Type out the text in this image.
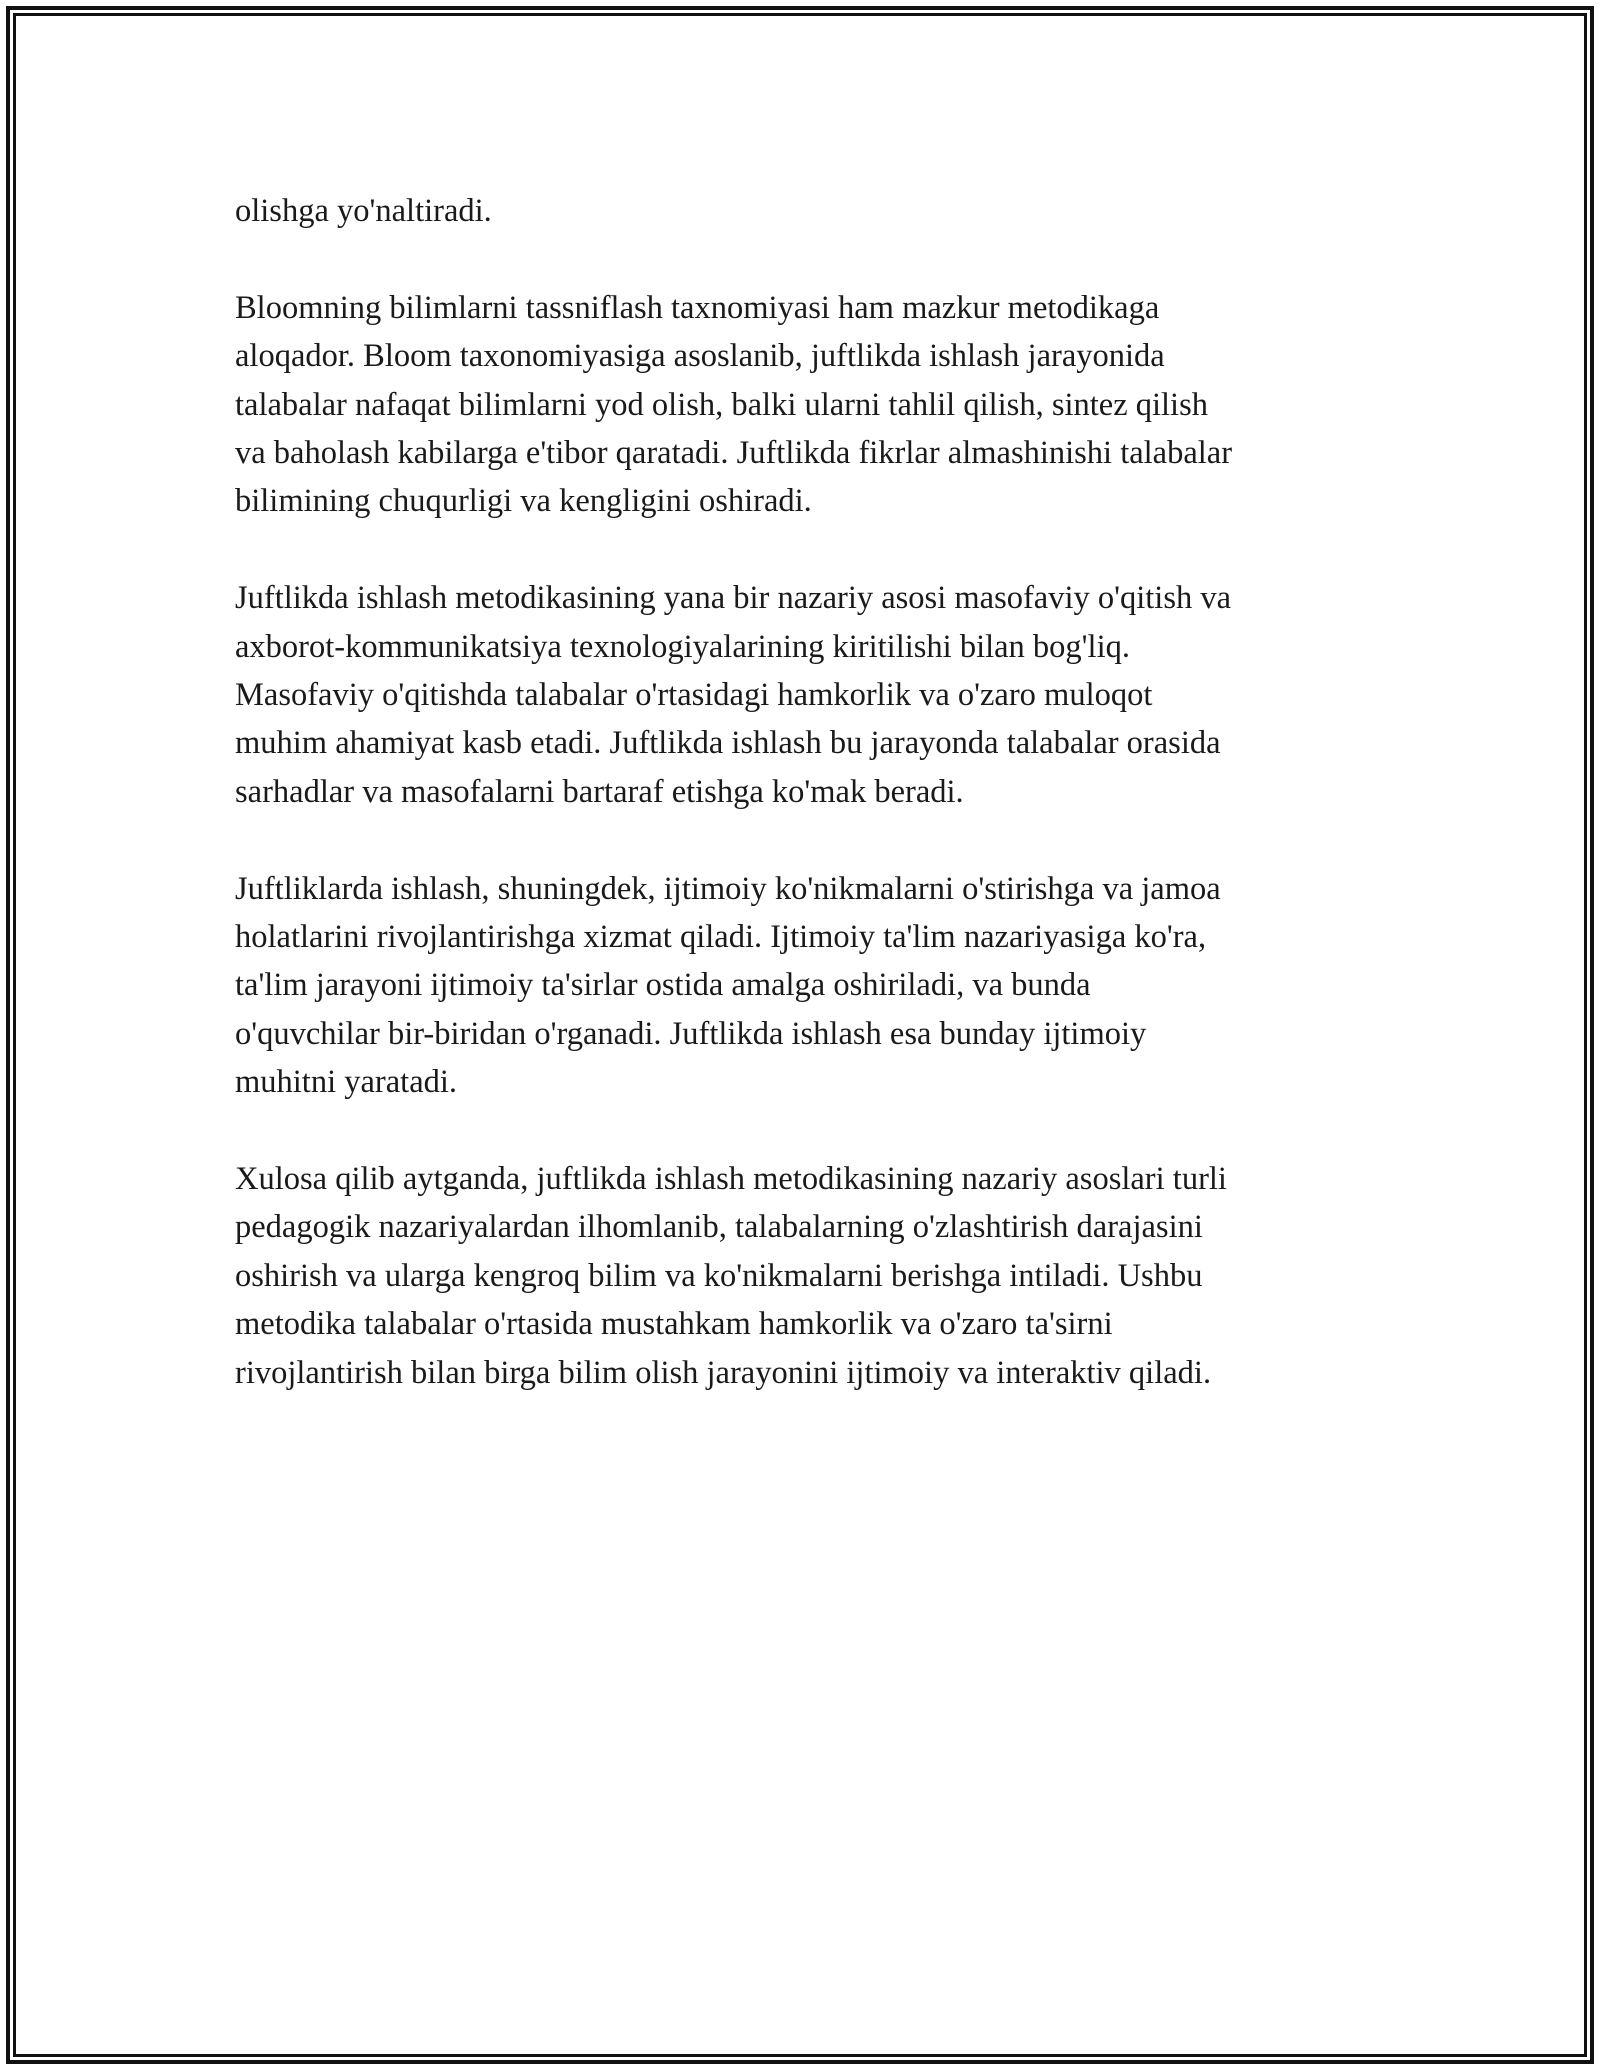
olishga yo'naltiradi.

Bloomning bilimlarni tassniflash taxnomiyasi ham mazkur metodikaga
aloqador. Bloom taxonomiyasiga asoslanib, juftlikda ishlash jarayonida
talabalar nafaqat bilimlarni yod olish, balki ularni tahlil qilish, sintez qilish
va baholash kabilarga e'tibor qaratadi. Juftlikda fikrlar almashinishi talabalar
bilimining chuqurligi va kengligini oshiradi.

Juftlikda ishlash metodikasining yana bir nazariy asosi masofaviy o'qitish va
axborot-kommunikatsiya texnologiyalarining kiritilishi bilan bog'liq.
Masofaviy o'qitishda talabalar o'rtasidagi hamkorlik va o'zaro muloqot
muhim ahamiyat kasb etadi. Juftlikda ishlash bu jarayonda talabalar orasida
sarhadlar va masofalarni bartaraf etishga ko'mak beradi.

Juftliklarda ishlash, shuningdek, ijtimoiy ko'nikmalarni o'stirishga va jamoa
holatlarini rivojlantirishga xizmat qiladi. Ijtimoiy ta'lim nazariyasiga ko'ra,
ta'lim jarayoni ijtimoiy ta'sirlar ostida amalga oshiriladi, va bunda
o'quvchilar bir-biridan o'rganadi. Juftlikda ishlash esa bunday ijtimoiy
muhitni yaratadi.

Xulosa qilib aytganda, juftlikda ishlash metodikasining nazariy asoslari turli
pedagogik nazariyalardan ilhomlanib, talabalarning o'zlashtirish darajasini
oshirish va ularga kengroq bilim va ko'nikmalarni berishga intiladi. Ushbu
metodika talabalar o'rtasida mustahkam hamkorlik va o'zaro ta'sirni
rivojlantirish bilan birga bilim olish jarayonini ijtimoiy va interaktiv qiladi.
